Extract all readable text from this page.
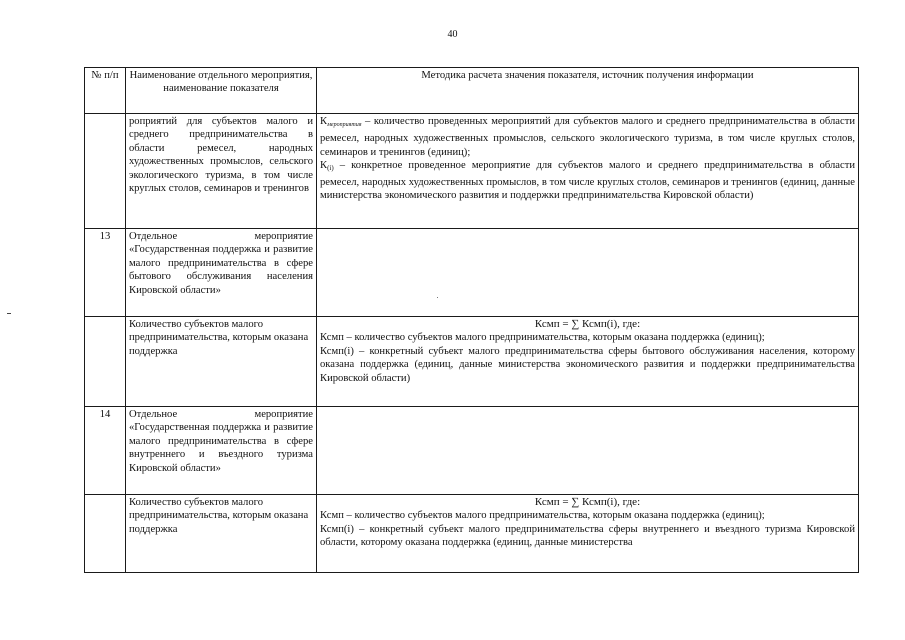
40
№ п/п	Наименование отдельного мероприятия, наименование показателя	Методика расчета значения показателя, источник получения информации
	роприятий для субъектов малого и среднего предпринимательства в области ремесел, народных художественных промыслов, сельского экологического туризма, в том числе круглых столов, семинаров и тренингов	$К_{мероприятия}$ – количество проведенных мероприятий для субъектов малого и среднего предпринимательства в области ремесел, народных художественных промыслов, сельского экологического туризма, в том числе круглых столов, семинаров и тренингов (единиц);
$К_{(i)}$ – конкретное проведенное мероприятие для субъектов малого и среднего предпринимательства в области ремесел, народных художественных промыслов, в том числе круглых столов, семинаров и тренингов (единиц, данные министерства экономического развития и поддержки предпринимательства Кировской области)

13	Отдельное мероприятие «Государственная поддержка и развитие малого предпринимательства в сфере бытового обслуживания населения Кировской области»	
	Количество субъектов малого предпринимательства, которым оказана поддержка	Ксмп = ∑ Ксмп(i), где:
Ксмп – количество субъектов малого предпринимательства, которым оказана поддержка (единиц);
Ксмп(i) – конкретный субъект малого предпринимательства сферы бытового обслуживания населения, которому оказана поддержка (единиц, данные министерства экономического развития и поддержки предпринимательства Кировской области)

14	Отдельное мероприятие «Государственная поддержка и развитие малого предпринимательства в сфере внутреннего и въездного туризма Кировской области»	
	Количество субъектов малого предпринимательства, которым оказана поддержка	Ксмп = ∑ Ксмп(i), где:
Ксмп – количество субъектов малого предпринимательства, которым оказана поддержка (единиц);
Ксмп(i) – конкретный субъект малого предпринимательства сферы внутреннего и въездного туризма Кировской области, которому оказана поддержка (единиц, данные министерства
